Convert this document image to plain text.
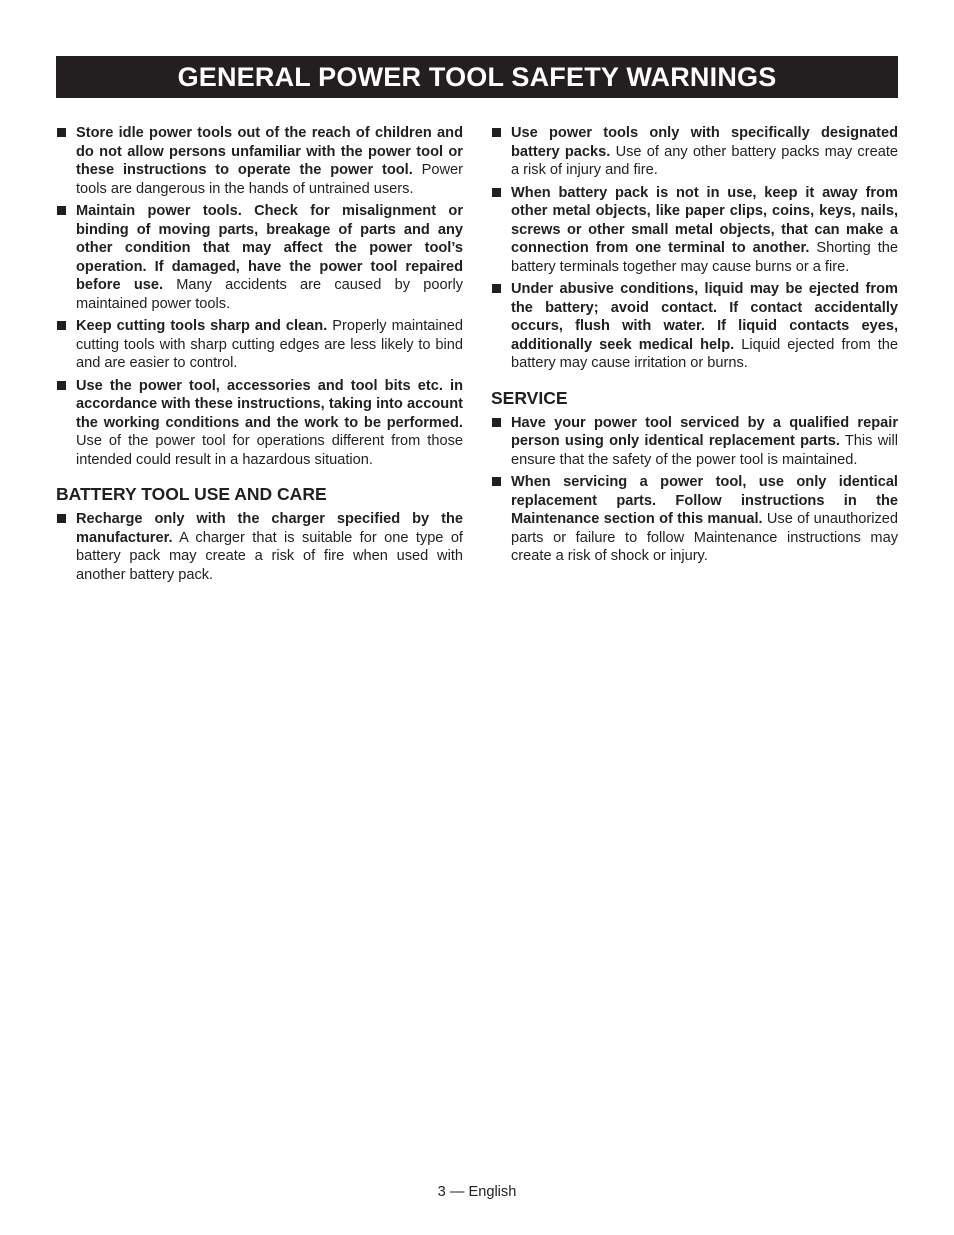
GENERAL POWER TOOL SAFETY WARNINGS
Store idle power tools out of the reach of children and do not allow persons unfamiliar with the power tool or these instructions to operate the power tool. Power tools are dangerous in the hands of untrained users.
Maintain power tools. Check for misalignment or binding of moving parts, breakage of parts and any other condition that may affect the power tool’s operation. If damaged, have the power tool repaired before use. Many accidents are caused by poorly maintained power tools.
Keep cutting tools sharp and clean. Properly maintained cutting tools with sharp cutting edges are less likely to bind and are easier to control.
Use the power tool, accessories and tool bits etc. in accordance with these instructions, taking into account the working conditions and the work to be performed. Use of the power tool for operations different from those intended could result in a hazardous situation.
BATTERY TOOL USE AND CARE
Recharge only with the charger specified by the manufacturer. A charger that is suitable for one type of battery pack may create a risk of fire when used with another battery pack.
Use power tools only with specifically designated battery packs. Use of any other battery packs may create a risk of injury and fire.
When battery pack is not in use, keep it away from other metal objects, like paper clips, coins, keys, nails, screws or other small metal objects, that can make a connection from one terminal to another. Shorting the battery terminals together may cause burns or a fire.
Under abusive conditions, liquid may be ejected from the battery; avoid contact. If contact accidentally occurs, flush with water. If liquid contacts eyes, additionally seek medical help. Liquid ejected from the battery may cause irritation or burns.
SERVICE
Have your power tool serviced by a qualified repair person using only identical replacement parts. This will ensure that the safety of the power tool is maintained.
When servicing a power tool, use only identical replacement parts. Follow instructions in the Maintenance section of this manual. Use of unauthorized parts or failure to follow Maintenance instructions may create a risk of shock or injury.
3 — English
